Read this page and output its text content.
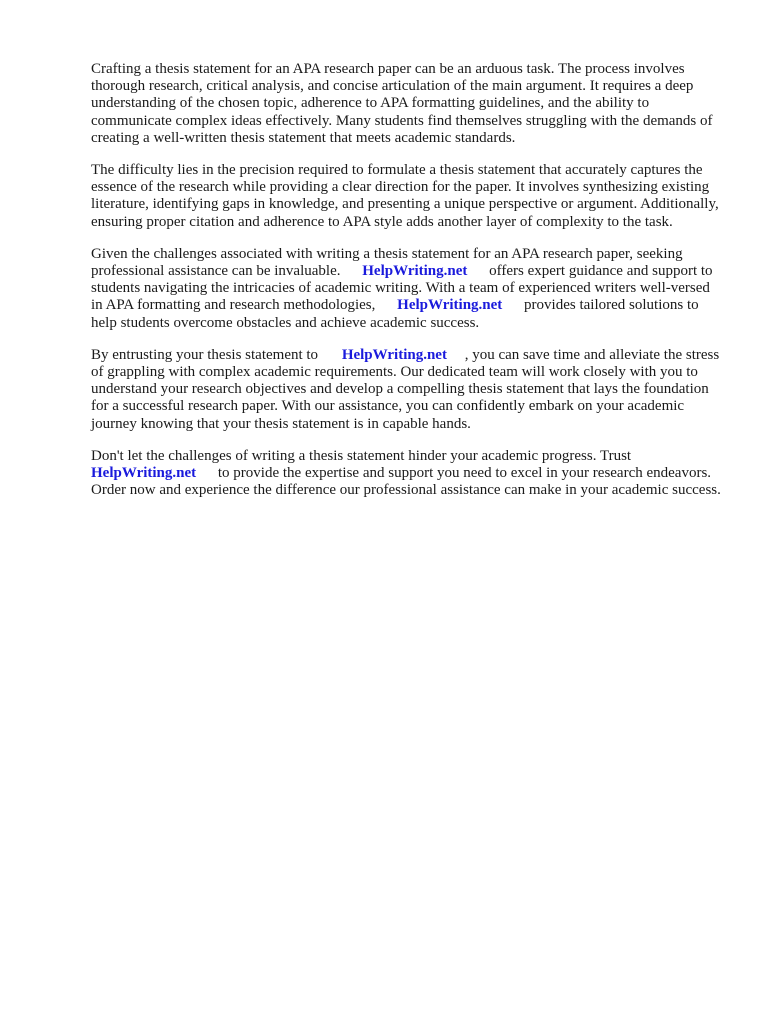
Crafting a thesis statement for an APA research paper can be an arduous task. The process involves thorough research, critical analysis, and concise articulation of the main argument. It requires a deep understanding of the chosen topic, adherence to APA formatting guidelines, and the ability to communicate complex ideas effectively. Many students find themselves struggling with the demands of creating a well-written thesis statement that meets academic standards.

The difficulty lies in the precision required to formulate a thesis statement that accurately captures the essence of the research while providing a clear direction for the paper. It involves synthesizing existing literature, identifying gaps in knowledge, and presenting a unique perspective or argument. Additionally, ensuring proper citation and adherence to APA style adds another layer of complexity to the task.

Given the challenges associated with writing a thesis statement for an APA research paper, seeking professional assistance can be invaluable. HelpWriting.net offers expert guidance and support to students navigating the intricacies of academic writing. With a team of experienced writers well-versed in APA formatting and research methodologies, HelpWriting.net provides tailored solutions to help students overcome obstacles and achieve academic success.

By entrusting your thesis statement to HelpWriting.net , you can save time and alleviate the stress of grappling with complex academic requirements. Our dedicated team will work closely with you to understand your research objectives and develop a compelling thesis statement that lays the foundation for a successful research paper. With our assistance, you can confidently embark on your academic journey knowing that your thesis statement is in capable hands.

Don't let the challenges of writing a thesis statement hinder your academic progress. Trust HelpWriting.net to provide the expertise and support you need to excel in your research endeavors. Order now and experience the difference our professional assistance can make in your academic success.
